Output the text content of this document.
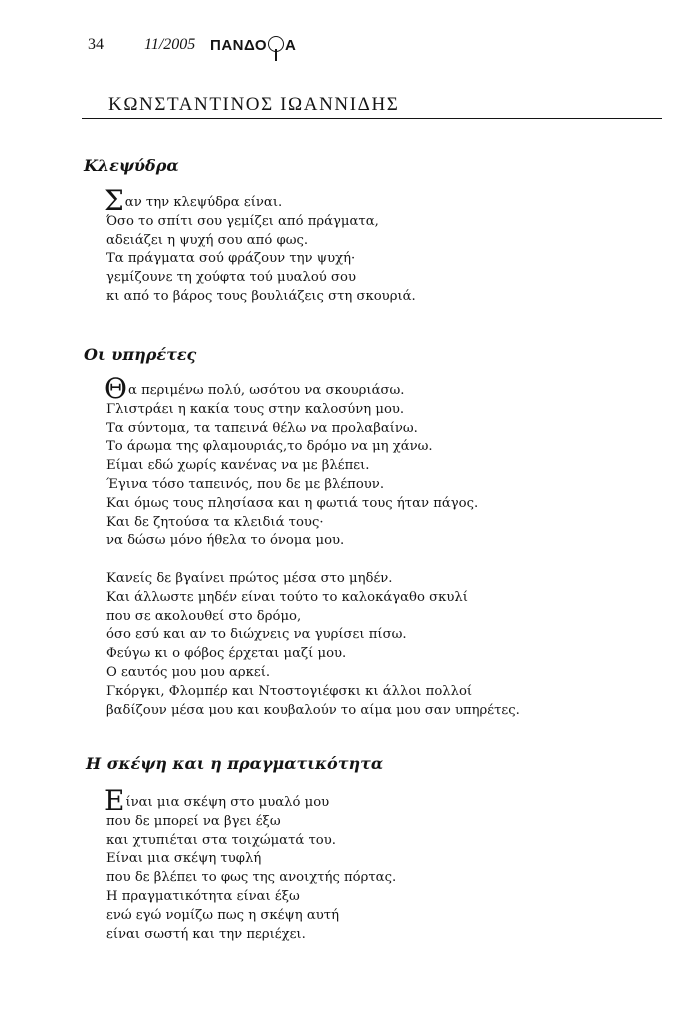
34	11/2005 ΠΑΝΔΟ Α
ΚΩΝΣΤΑΝΤΙΝΟΣ ΙΩΑΝΝΙΔΗΣ
Κλεψύδρα
Σαν την κλεψύδρα είναι.
Όσο το σπίτι σου γεμίζει από πράγματα,
αδειάζει η ψυχή σου από φως.
Τα πράγματα σού φράζουν την ψυχή·
γεμίζουνε τη χούφτα τού μυαλού σου
κι από το βάρος τους βουλιάζεις στη σκουριά.
Οι υπηρέτες
Θα περιμένω πολύ, ωσότου να σκουριάσω.
Γλιστράει η κακία τους στην καλοσύνη μου.
Τα σύντομα, τα ταπεινά θέλω να προλαβαίνω.
Το άρωμα της φλαμουριάς,το δρόμο να μη χάνω.
Είμαι εδώ χωρίς κανένας να με βλέπει.
Έγινα τόσο ταπεινός, που δε με βλέπουν.
Και όμως τους πλησίασα και η φωτιά τους ήταν πάγος.
Και δε ζητούσα τα κλειδιά τους·
να δώσω μόνο ήθελα το όνομα μου.
Κανείς δε βγαίνει πρώτος μέσα στο μηδέν.
Και άλλωστε μηδέν είναι τούτο το καλοκάγαθο σκυλί
που σε ακολουθεί στο δρόμο,
όσο εσύ και αν το διώχνεις να γυρίσει πίσω.
Φεύγω κι ο φόβος έρχεται μαζί μου.
Ο εαυτός μου μου αρκεί.
Γκόργκι, Φλομπέρ και Ντοστογιέφσκι κι άλλοι πολλοί
βαδίζουν μέσα μου και κουβαλούν το αίμα μου σαν υπηρέτες.
Η σκέψη και η πραγματικότητα
Είναι μια σκέψη στο μυαλό μου
που δε μπορεί να βγει έξω
και χτυπιέται στα τοιχώματά του.
Είναι μια σκέψη τυφλή
που δε βλέπει το φως της ανοιχτής πόρτας.
Η πραγματικότητα είναι έξω
ενώ εγώ νομίζω πως η σκέψη αυτή
είναι σωστή και την περιέχει.
